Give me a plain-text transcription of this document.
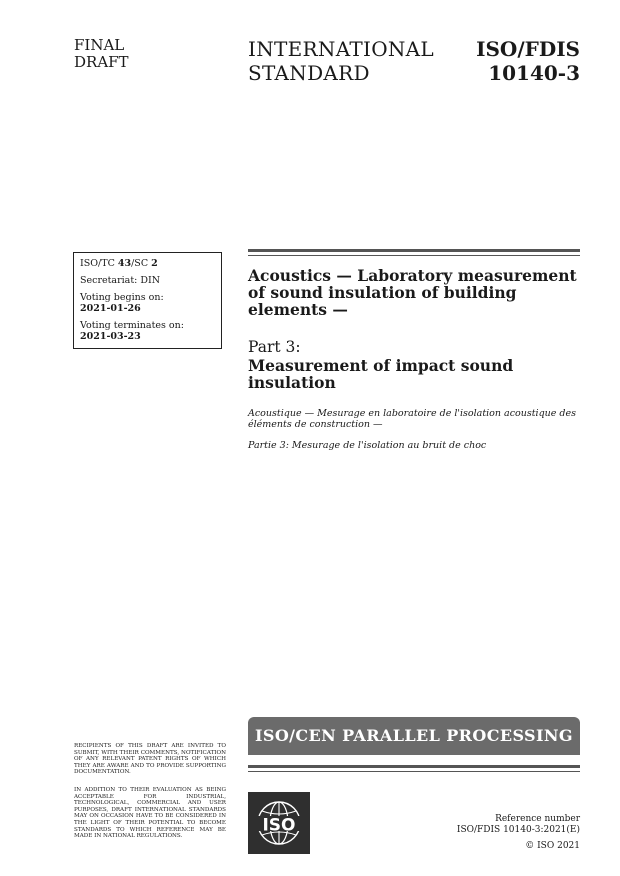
FINAL
DRAFT
INTERNATIONAL
STANDARD
ISO/FDIS
10140-3
ISO/TC 43/SC 2
Secretariat: DIN
Voting begins on:
2021-01-26
Voting terminates on:
2021-03-23
Acoustics — Laboratory measurement of sound insulation of building elements —
Part 3:
Measurement of impact sound insulation
Acoustique — Mesurage en laboratoire de l'isolation acoustique des éléments de construction —
Partie 3: Mesurage de l'isolation au bruit de choc
ISO/CEN PARALLEL PROCESSING
RECIPIENTS OF THIS DRAFT ARE INVITED TO SUBMIT, WITH THEIR COMMENTS, NOTIFICATION OF ANY RELEVANT PATENT RIGHTS OF WHICH THEY ARE AWARE AND TO PROVIDE SUPPORTING DOCUMENTATION.
IN ADDITION TO THEIR EVALUATION AS BEING ACCEPTABLE FOR INDUSTRIAL, TECHNOLOGICAL, COMMERCIAL AND USER PURPOSES, DRAFT INTERNATIONAL STANDARDS MAY ON OCCASION HAVE TO BE CONSIDERED IN THE LIGHT OF THEIR POTENTIAL TO BECOME STANDARDS TO WHICH REFERENCE MAY BE MADE IN NATIONAL REGULATIONS.
ISO	Reference number
ISO/FDIS 10140-3:2021(E)
© ISO 2021
